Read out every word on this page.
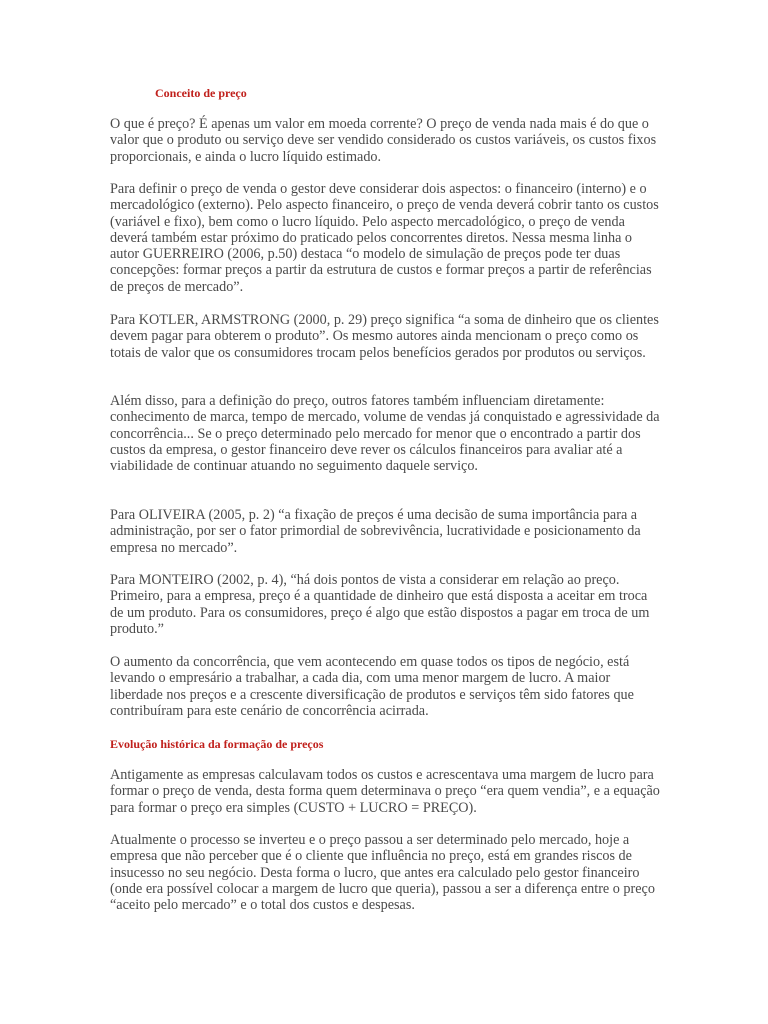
Conceito de preço

O que é preço? É apenas um valor em moeda corrente? O preço de venda nada mais é do que o valor que o produto ou serviço deve ser vendido considerado os custos variáveis, os custos fixos proporcionais, e ainda o lucro líquido estimado.

Para definir o preço de venda o gestor deve considerar dois aspectos: o financeiro (interno) e o mercadológico (externo). Pelo aspecto financeiro, o preço de venda deverá cobrir tanto os custos (variável e fixo), bem como o lucro líquido. Pelo aspecto mercadológico, o preço de venda deverá também estar próximo do praticado pelos concorrentes diretos. Nessa mesma linha o autor GUERREIRO (2006, p.50) destaca “o modelo de simulação de preços pode ter duas concepções: formar preços a partir da estrutura de custos e formar preços a partir de referências de preços de mercado”.

Para KOTLER, ARMSTRONG (2000, p. 29) preço significa “a soma de dinheiro que os clientes devem pagar para obterem o produto”. Os mesmo autores ainda mencionam o preço como os totais de valor que os consumidores trocam pelos benefícios gerados por produtos ou serviços.

Além disso, para a definição do preço, outros fatores também influenciam diretamente: conhecimento de marca, tempo de mercado, volume de vendas já conquistado e agressividade da concorrência... Se o preço determinado pelo mercado for menor que o encontrado a partir dos custos da empresa, o gestor financeiro deve rever os cálculos financeiros para avaliar até a viabilidade de continuar atuando no seguimento daquele serviço.

Para OLIVEIRA (2005, p. 2) “a fixação de preços é uma decisão de suma importância para a administração, por ser o fator primordial de sobrevivência, lucratividade e posicionamento da empresa no mercado”.

Para MONTEIRO (2002, p. 4), “há dois pontos de vista a considerar em relação ao preço. Primeiro, para a empresa, preço é a quantidade de dinheiro que está disposta a aceitar em troca de um produto. Para os consumidores, preço é algo que estão dispostos a pagar em troca de um produto.”

O aumento da concorrência, que vem acontecendo em quase todos os tipos de negócio, está levando o empresário a trabalhar, a cada dia, com uma menor margem de lucro. A maior liberdade nos preços e a crescente diversificação de produtos e serviços têm sido fatores que contribuíram para este cenário de concorrência acirrada.

Evolução histórica da formação de preços

Antigamente as empresas calculavam todos os custos e acrescentava uma margem de lucro para formar o preço de venda, desta forma quem determinava o preço “era quem vendia”, e a equação para formar o preço era simples (CUSTO + LUCRO = PREÇO).

Atualmente o processo se inverteu e o preço passou a ser determinado pelo mercado, hoje a empresa que não perceber que é o cliente que influência no preço, está em grandes riscos de insucesso no seu negócio. Desta forma o lucro, que antes era calculado pelo gestor financeiro (onde era possível colocar a margem de lucro que queria), passou a ser a diferença entre o preço “aceito pelo mercado” e o total dos custos e despesas.
